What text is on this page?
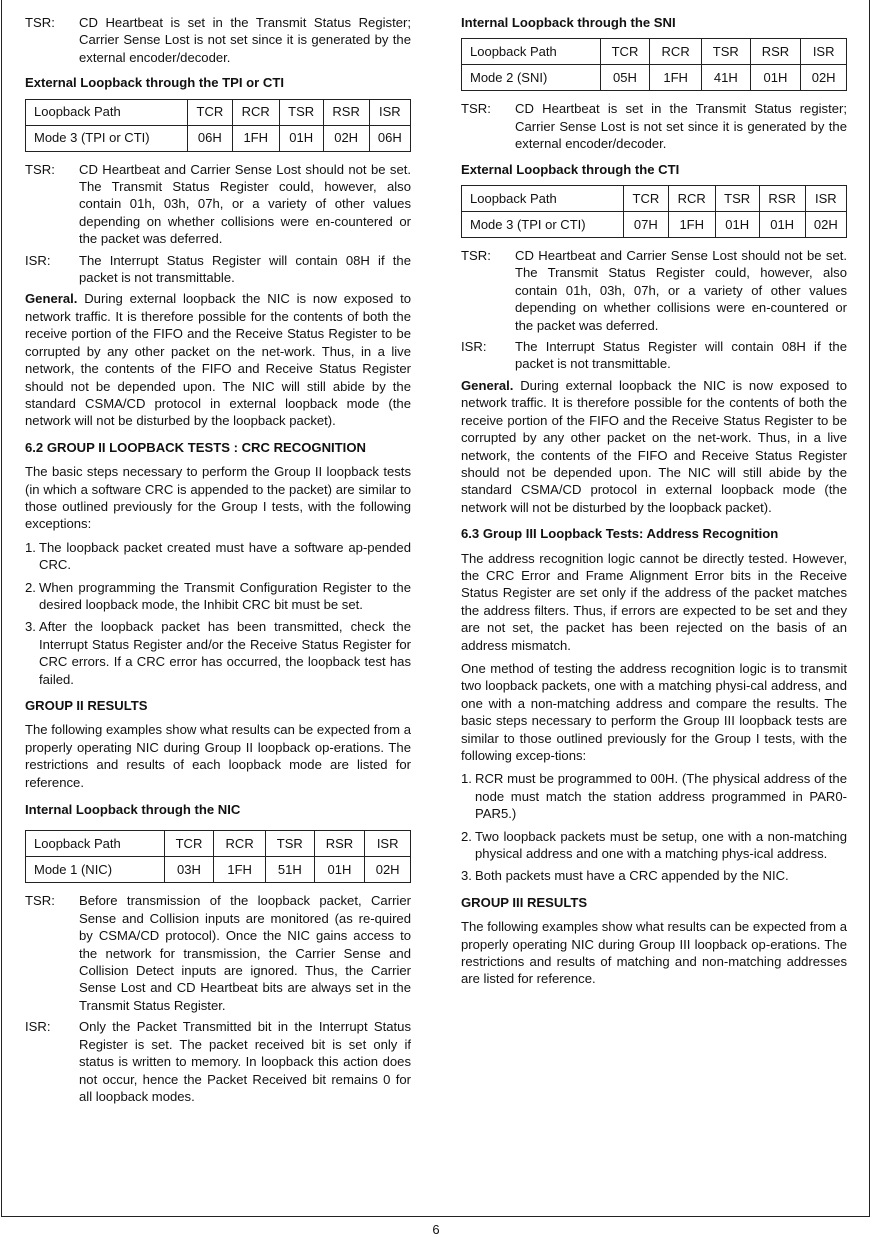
TSR:	CD Heartbeat is set in the Transmit Status Register; Carrier Sense Lost is not set since it is generated by the external encoder/decoder.
External Loopback through the TPI or CTI
Loopback Path	TCR	RCR	TSR	RSR	ISR
Mode 3 (TPI or CTI)	06H	1FH	01H	02H	06H
TSR:	CD Heartbeat and Carrier Sense Lost should not be set. The Transmit Status Register could, however, also contain 01h, 03h, 07h, or a variety of other values depending on whether collisions were en-countered or the packet was deferred.
ISR:	The Interrupt Status Register will contain 08H if the packet is not transmittable.

General. During external loopback the NIC is now exposed to network traffic. It is therefore possible for the contents of both the receive portion of the FIFO and the Receive Status Register to be corrupted by any other packet on the net-work. Thus, in a live network, the contents of the FIFO and Receive Status Register should not be depended upon. The NIC will still abide by the standard CSMA/CD protocol in external loopback mode (the network will not be disturbed by the loopback packet).

6.2 GROUP II LOOPBACK TESTS : CRC RECOGNITION

The basic steps necessary to perform the Group II loopback tests (in which a software CRC is appended to the packet) are similar to those outlined previously for the Group I tests, with the following exceptions:

1. The loopback packet created must have a software ap-pended CRC.
2. When programming the Transmit Configuration Register to the desired loopback mode, the Inhibit CRC bit must be set.
3. After the loopback packet has been transmitted, check the Interrupt Status Register and/or the Receive Status Register for CRC errors. If a CRC error has occurred, the loopback test has failed.
GROUP II RESULTS

The following examples show what results can be expected from a properly operating NIC during Group II loopback op-erations. The restrictions and results of each loopback mode are listed for reference.

Internal Loopback through the NIC
Loopback Path	TCR	RCR	TSR	RSR	ISR
Mode 1 (NIC)	03H	1FH	51H	01H	02H
TSR:	Before transmission of the loopback packet, Carrier Sense and Collision inputs are monitored (as re-quired by CSMA/CD protocol). Once the NIC gains access to the network for transmission, the Carrier Sense and Collision Detect inputs are ignored. Thus, the Carrier Sense Lost and CD Heartbeat bits are always set in the Transmit Status Register.
ISR:	Only the Packet Transmitted bit in the Interrupt Status Register is set. The packet received bit is set only if status is written to memory. In loopback this action does not occur, hence the Packet Received bit remains 0 for all loopback modes.
Internal Loopback through the SNI
Loopback Path	TCR	RCR	TSR	RSR	ISR
Mode 2 (SNI)	05H	1FH	41H	01H	02H
TSR:	CD Heartbeat is set in the Transmit Status register; Carrier Sense Lost is not set since it is generated by the external encoder/decoder.
External Loopback through the CTI
Loopback Path	TCR	RCR	TSR	RSR	ISR
Mode 3 (TPI or CTI)	07H	1FH	01H	01H	02H
TSR:	CD Heartbeat and Carrier Sense Lost should not be set. The Transmit Status Register could, however, also contain 01h, 03h, 07h, or a variety of other values depending on whether collisions were en-countered or the packet was deferred.
ISR:	The Interrupt Status Register will contain 08H if the packet is not transmittable.

General. During external loopback the NIC is now exposed to network traffic. It is therefore possible for the contents of both the receive portion of the FIFO and the Receive Status Register to be corrupted by any other packet on the net-work. Thus, in a live network, the contents of the FIFO and Receive Status Register should not be depended upon. The NIC will still abide by the standard CSMA/CD protocol in external loopback mode (the network will not be disturbed by the loopback packet).

6.3 Group III Loopback Tests: Address Recognition

The address recognition logic cannot be directly tested. However, the CRC Error and Frame Alignment Error bits in the Receive Status Register are set only if the address of the packet matches the address filters. Thus, if errors are expected to be set and they are not set, the packet has been rejected on the basis of an address mismatch.

One method of testing the address recognition logic is to transmit two loopback packets, one with a matching physi-cal address, and one with a non-matching address and compare the results. The basic steps necessary to perform the Group III loopback tests are similar to those outlined previously for the Group I tests, with the following excep-tions:

1. RCR must be programmed to 00H. (The physical address of the node must match the station address programmed in PAR0-PAR5.)
2. Two loopback packets must be setup, one with a non-matching physical address and one with a matching phys-ical address.
3. Both packets must have a CRC appended by the NIC.
GROUP III RESULTS

The following examples show what results can be expected from a properly operating NIC during Group III loopback op-erations. The restrictions and results of matching and non-matching addresses are listed for reference.

6
